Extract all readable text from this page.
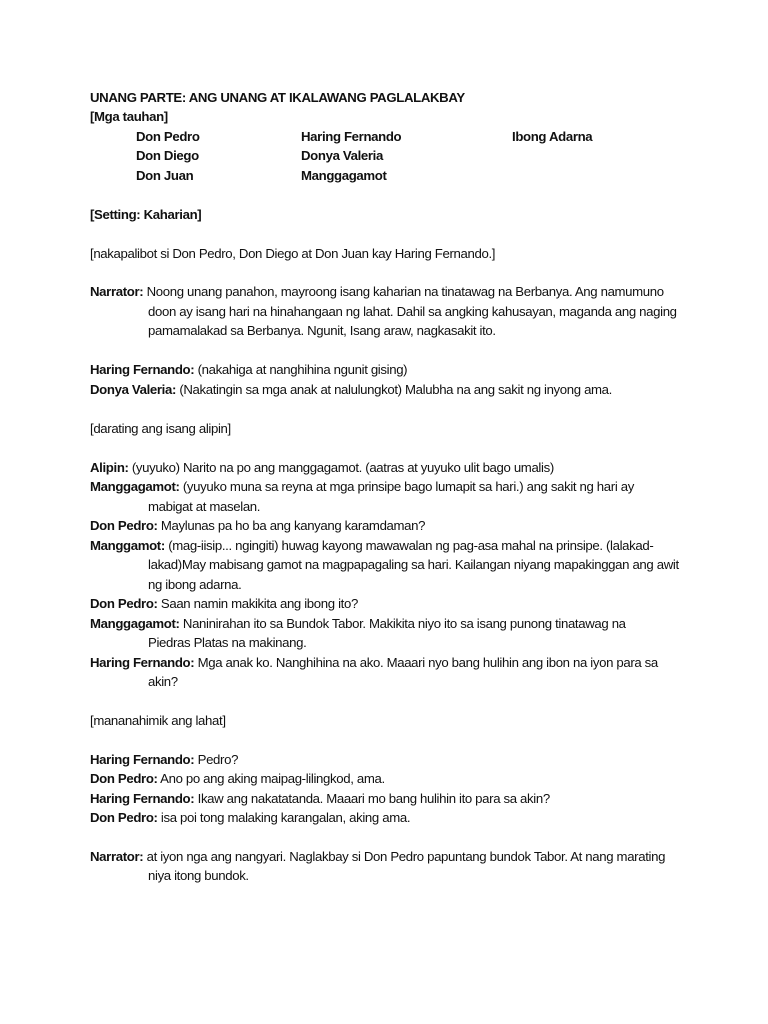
UNANG PARTE: ANG UNANG AT IKALAWANG PAGLALAKBAY
[Mga tauhan]
Don Pedro
Don Diego
Don Juan
Haring Fernando
Donya Valeria
Manggagamot
Ibong Adarna
[Setting: Kaharian]
[nakapalibot si Don Pedro, Don Diego at Don Juan kay Haring Fernando.]
Narrator: Noong unang panahon, mayroong isang kaharian na tinatawag na Berbanya. Ang namumuno
doon ay isang hari na hinahangaan ng lahat. Dahil sa angking kahusayan, maganda ang naging
pamamalakad sa Berbanya. Ngunit, Isang araw, nagkasakit ito.
Haring Fernando: (nakahiga at nanghihina ngunit gising)
Donya Valeria: (Nakatingin sa mga anak at nalulungkot) Malubha na ang sakit ng inyong ama.
[darating ang isang alipin]
Alipin: (yuyuko) Narito na po ang manggagamot. (aatras at yuyuko ulit bago umalis)
Manggagamot: (yuyuko muna sa reyna at mga prinsipe bago lumapit sa hari.) ang sakit ng hari ay
mabigat at maselan.
Don Pedro: Maylunas pa ho ba ang kanyang karamdaman?
Manggamot: (mag-iisip... ngingiti) huwag kayong mawawalan ng pag-asa mahal na prinsipe. (lalakad-
lakad)May mabisang gamot na magpapagaling sa hari. Kailangan niyang mapakinggan ang awit
ng ibong adarna.
Don Pedro: Saan namin makikita ang ibong ito?
Manggagamot: Naninirahan ito sa Bundok Tabor. Makikita niyo ito sa isang punong tinatawag na
Piedras Platas na makinang.
Haring Fernando: Mga anak ko. Nanghihina na ako. Maaari nyo bang hulihin ang ibon na iyon para sa
akin?
[mananahimik ang lahat]
Haring Fernando: Pedro?
Don Pedro: Ano po ang aking maipag-lilingkod, ama.
Haring Fernando: Ikaw ang nakatatanda. Maaari mo bang hulihin ito para sa akin?
Don Pedro: isa poi tong malaking karangalan, aking ama.
Narrator: at iyon nga ang nangyari. Naglakbay si Don Pedro papuntang bundok Tabor. At nang marating
niya itong bundok.
